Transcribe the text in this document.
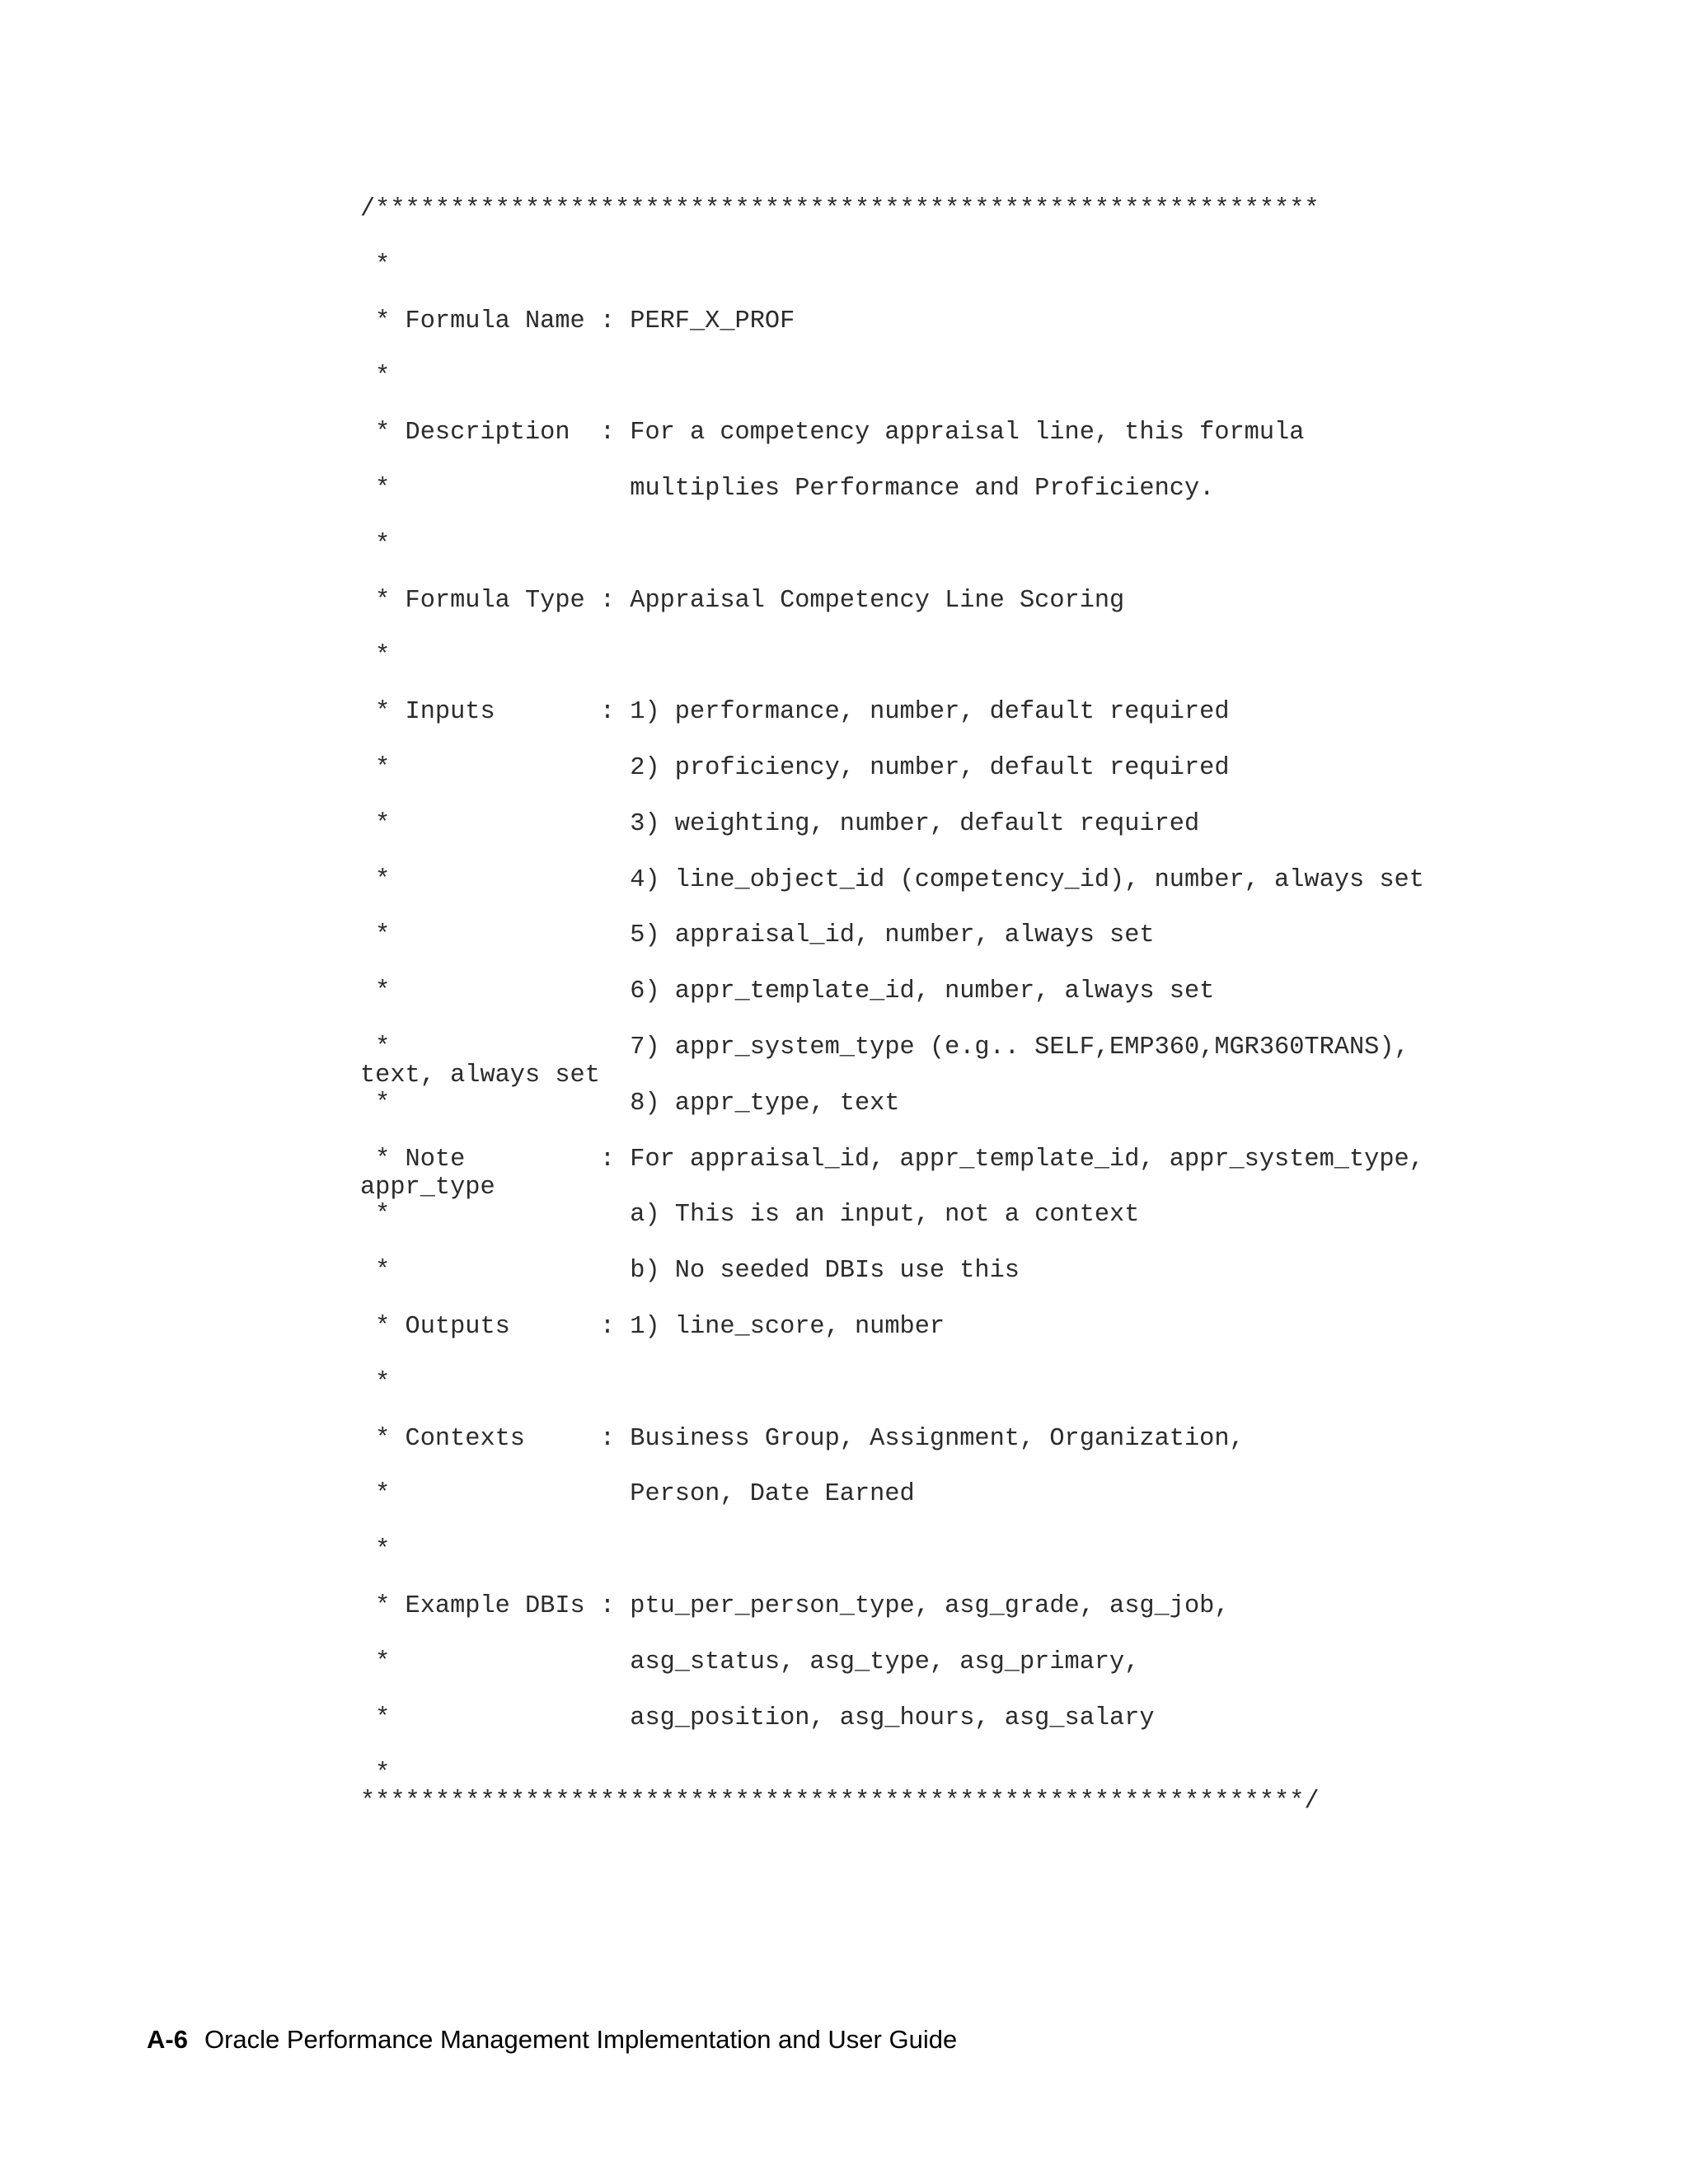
/***************************************************************
*
* Formula Name : PERF_X_PROF
*
* Description  : For a competency appraisal line, this formula
*                multiplies Performance and Proficiency.
*
* Formula Type : Appraisal Competency Line Scoring
*
* Inputs       : 1) performance, number, default required
*                2) proficiency, number, default required
*                3) weighting, number, default required
*                4) line_object_id (competency_id), number, always set
*                5) appraisal_id, number, always set
*                6) appr_template_id, number, always set
*                7) appr_system_type (e.g.. SELF,EMP360,MGR360TRANS),
text, always set
*                8) appr_type, text
* Note         : For appraisal_id, appr_template_id, appr_system_type,
appr_type
*                a) This is an input, not a context
*                b) No seeded DBIs use this
* Outputs      : 1) line_score, number
*
* Contexts     : Business Group, Assignment, Organization,
*                Person, Date Earned
*
* Example DBIs : ptu_per_person_type, asg_grade, asg_job,
*                asg_status, asg_type, asg_primary,
*                asg_position, asg_hours, asg_salary
*
***************************************************************/
A-6 Oracle Performance Management Implementation and User Guide
